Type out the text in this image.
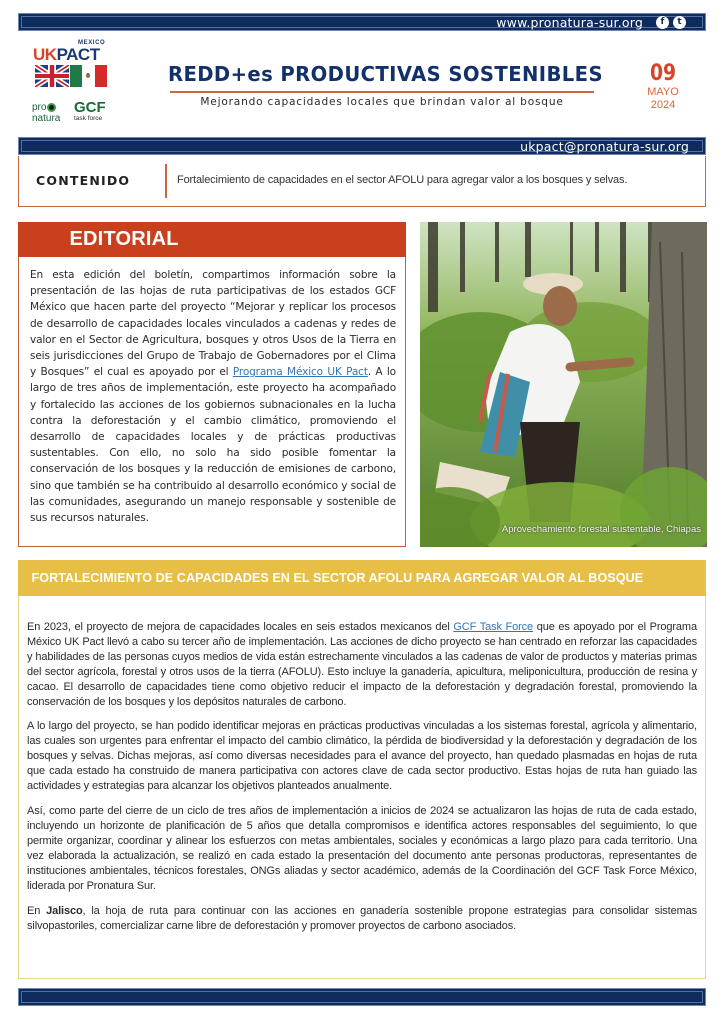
www.pronatura-sur.org	f	t
MEXICO
UKPACT
pro
natura
GCF
task force
REDD+es PRODUCTIVAS SOSTENIBLES
Mejorando capacidades locales que brindan valor al bosque
09
MAYO
2024
ukpact@pronatura-sur.org
CONTENIDO	Fortalecimiento de capacidades en el sector AFOLU para agregar valor a los bosques y selvas.
EDITORIAL

En esta edición del boletín, compartimos información sobre la presentación de las hojas de ruta participativas de los estados GCF México que hacen parte del proyecto “Mejorar y replicar los procesos de desarrollo de capacidades locales vinculados a cadenas y redes de valor en el Sector de Agricultura, bosques y otros Usos de la Tierra en seis jurisdicciones del Grupo de Trabajo de Gobernadores por el Clima y Bosques” el cual es apoyado por el Programa México UK Pact. A lo largo de tres años de implementación, este proyecto ha acompañado y fortalecido las acciones de los gobiernos subnacionales en la lucha contra la deforestación y el cambio climático, promoviendo el desarrollo de capacidades locales y de prácticas productivas sustentables. Con ello, no solo ha sido posible fomentar la conservación de los bosques y la reducción de emisiones de carbono, sino que también se ha contribuido al desarrollo económico y social de las comunidades, asegurando un manejo responsable y sostenible de sus recursos naturales.

Aprovechamiento forestal sustentable, Chiapas
FORTALECIMIENTO DE CAPACIDADES EN EL SECTOR AFOLU PARA AGREGAR VALOR AL BOSQUE

En 2023, el proyecto de mejora de capacidades locales en seis estados mexicanos del GCF Task Force que es apoyado por el Programa México UK Pact llevó a cabo su tercer año de implementación. Las acciones de dicho proyecto se han centrado en reforzar las capacidades y habilidades de las personas cuyos medios de vida están estrechamente vinculados a las cadenas de valor de productos y materias primas del sector agrícola, forestal y otros usos de la tierra (AFOLU). Esto incluye la ganadería, apicultura, meliponicultura, producción de resina y cacao. El desarrollo de capacidades tiene como objetivo reducir el impacto de la deforestación y degradación forestal, promoviendo la conservación de los bosques y los depósitos naturales de carbono.

A lo largo del proyecto, se han podido identificar mejoras en prácticas productivas vinculadas a los sistemas forestal, agrícola y alimentario, las cuales son urgentes para enfrentar el impacto del cambio climático, la pérdida de biodiversidad y la deforestación y degradación de los bosques y selvas. Dichas mejoras, así como diversas necesidades para el avance del proyecto, han quedado plasmadas en hojas de ruta que cada estado ha construido de manera participativa con actores clave de cada sector productivo. Estas hojas de ruta han guiado las actividades y estrategias para alcanzar los objetivos planteados anualmente.

Así, como parte del cierre de un ciclo de tres años de implementación a inicios de 2024 se actualizaron las hojas de ruta de cada estado, incluyendo un horizonte de planificación de 5 años que detalla compromisos e identifica actores responsables del seguimiento, lo que permite organizar, coordinar y alinear los esfuerzos con metas ambientales, sociales y económicas a largo plazo para cada territorio. Una vez elaborada la actualización, se realizó en cada estado la presentación del documento ante personas productoras, representantes de instituciones ambientales, técnicos forestales, ONGs aliadas y sector académico, además de la Coordinación del GCF Task Force México, liderada por Pronatura Sur.

En Jalisco, la hoja de ruta para continuar con las acciones en ganadería sostenible propone estrategias para consolidar sistemas silvopastoriles, comercializar carne libre de deforestación y promover proyectos de carbono asociados.
